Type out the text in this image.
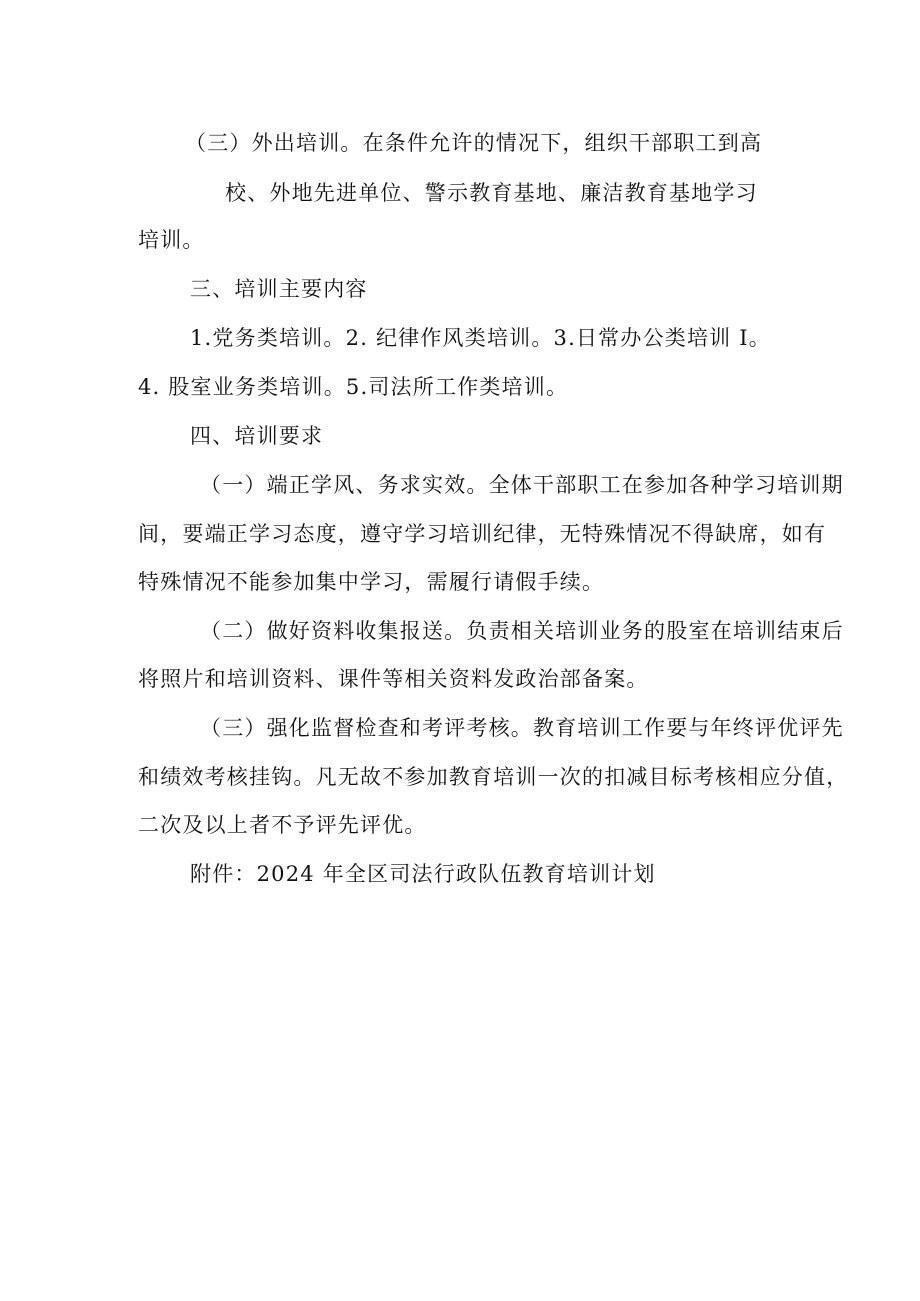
（三）外出培训。在条件允许的情况下，组织干部职工到高
校、外地先进单位、警示教育基地、廉洁教育基地学习
培训。
三、培训主要内容
1.党务类培训。2. 纪律作风类培训。3.日常办公类培训 I。
4. 股室业务类培训。5.司法所工作类培训。
四、培训要求
（一）端正学风、务求实效。全体干部职工在参加各种学习培训期
间，要端正学习态度，遵守学习培训纪律，无特殊情况不得缺席，如有
特殊情况不能参加集中学习，需履行请假手续。
（二）做好资料收集报送。负责相关培训业务的股室在培训结束后
将照片和培训资料、课件等相关资料发政治部备案。
（三）强化监督检查和考评考核。教育培训工作要与年终评优评先
和绩效考核挂钩。凡无故不参加教育培训一次的扣减目标考核相应分值，
二次及以上者不予评先评优。
附件：2024 年全区司法行政队伍教育培训计划
